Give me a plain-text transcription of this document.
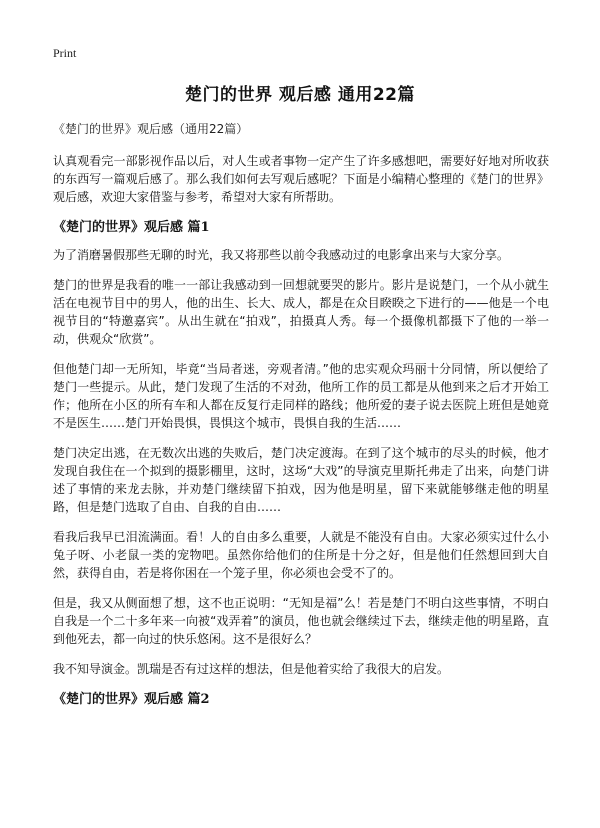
Print
楚门的世界 观后感 通用22篇

《楚门的世界》观后感（通用22篇）

认真观看完一部影视作品以后，对人生或者事物一定产生了许多感想吧，需要好好地对所收获的东西写一篇观后感了。那么我们如何去写观后感呢？下面是小编精心整理的《楚门的世界》观后感，欢迎大家借鉴与参考，希望对大家有所帮助。

《楚门的世界》观后感 篇1

为了消磨暑假那些无聊的时光，我又将那些以前令我感动过的电影拿出来与大家分享。

楚门的世界是我看的唯一一部让我感动到一回想就要哭的影片。影片是说楚门，一个从小就生活在电视节目中的男人，他的出生、长大、成人，都是在众目睽睽之下进行的——他是一个电视节目的“特邀嘉宾”。从出生就在“拍戏”，拍摄真人秀。每一个摄像机都摄下了他的一举一动，供观众“欣赏”。

但他楚门却一无所知，毕竟“当局者迷，旁观者清。”他的忠实观众玛丽十分同情，所以便给了楚门一些提示。从此，楚门发现了生活的不对劲，他所工作的员工都是从他到来之后才开始工作；他所在小区的所有车和人都在反复行走同样的路线；他所爱的妻子说去医院上班但是她竟不是医生……楚门开始畏惧，畏惧这个城市，畏惧自我的生活……

楚门决定出逃，在无数次出逃的失败后，楚门决定渡海。在到了这个城市的尽头的时候，他才发现自我住在一个拟到的摄影棚里，这时，这场“大戏”的导演克里斯托弗走了出来，向楚门讲述了事情的来龙去脉，并劝楚门继续留下拍戏，因为他是明星，留下来就能够继走他的明星路，但是楚门选取了自由、自我的自由……

看我后我早已泪流满面。看！人的自由多么重要，人就是不能没有自由。大家必须实过什么小兔子呀、小老鼠一类的宠物吧。虽然你给他们的住所是十分之好，但是他们任然想回到大自然，获得自由，若是将你困在一个笼子里，你必须也会受不了的。

但是，我又从侧面想了想，这不也正说明：“无知是福”么！若是楚门不明白这些事情，不明白自我是一个二十多年来一向被“戏弄着”的演员，他也就会继续过下去，继续走他的明星路，直到他死去，都一向过的快乐悠闲。这不是很好么？

我不知导演金。凯瑞是否有过这样的想法，但是他着实给了我很大的启发。

《楚门的世界》观后感 篇2
